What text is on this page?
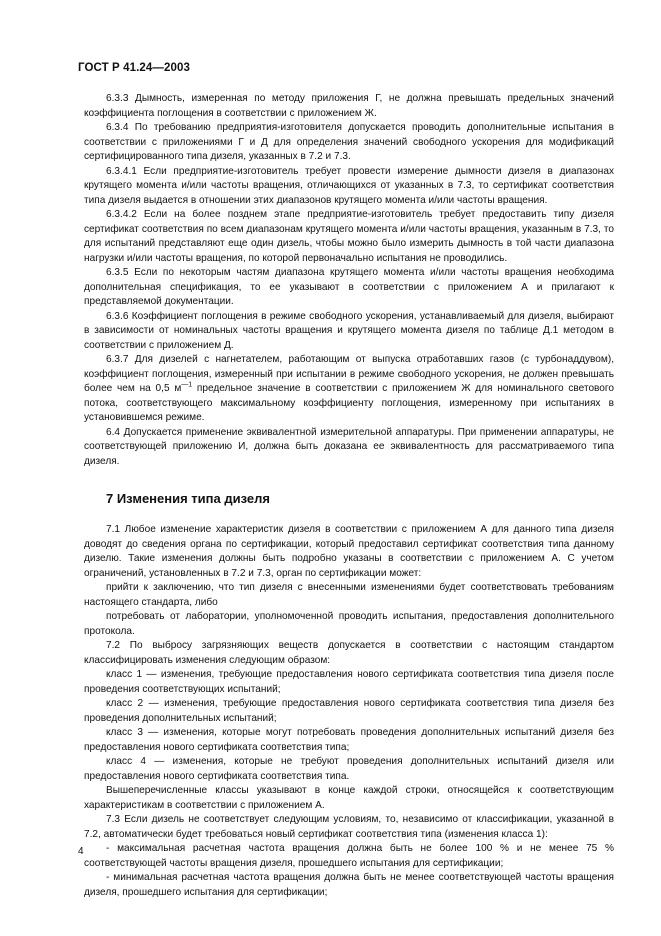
ГОСТ Р 41.24—2003

6.3.3 Дымность, измеренная по методу приложения Г, не должна превышать предельных значений коэффициента поглощения в соответствии с приложением Ж.

6.3.4 По требованию предприятия-изготовителя допускается проводить дополнительные испытания в соответствии с приложениями Г и Д для определения значений свободного ускорения для модификаций сертифицированного типа дизеля, указанных в 7.2 и 7.3.

6.3.4.1 Если предприятие-изготовитель требует провести измерение дымности дизеля в диапазонах крутящего момента и/или частоты вращения, отличающихся от указанных в 7.3, то сертификат соответствия типа дизеля выдается в отношении этих диапазонов крутящего момента и/или частоты вращения.

6.3.4.2 Если на более позднем этапе предприятие-изготовитель требует предоставить типу дизеля сертификат соответствия по всем диапазонам крутящего момента и/или частоты вращения, указанным в 7.3, то для испытаний представляют еще один дизель, чтобы можно было измерить дымность в той части диапазона нагрузки и/или частоты вращения, по которой первоначально испытания не проводились.

6.3.5 Если по некоторым частям диапазона крутящего момента и/или частоты вращения необходима дополнительная спецификация, то ее указывают в соответствии с приложением А и прилагают к представляемой документации.

6.3.6 Коэффициент поглощения в режиме свободного ускорения, устанавливаемый для дизеля, выбирают в зависимости от номинальных частоты вращения и крутящего момента дизеля по таблице Д.1 методом в соответствии с приложением Д.

6.3.7 Для дизелей с нагнетателем, работающим от выпуска отработавших газов (с турбонаддувом), коэффициент поглощения, измеренный при испытании в режиме свободного ускорения, не должен превышать более чем на 0,5 $м^{—1}$ предельное значение в соответствии с приложением Ж для номинального светового потока, соответствующего максимальному коэффициенту поглощения, измеренному при испытаниях в установившемся режиме.

6.4 Допускается применение эквивалентной измерительной аппаратуры. При применении аппаратуры, не соответствующей приложению И, должна быть доказана ее эквивалентность для рассматриваемого типа дизеля.

7 Изменения типа дизеля

7.1 Любое изменение характеристик дизеля в соответствии с приложением А для данного типа дизеля доводят до сведения органа по сертификации, который предоставил сертификат соответствия типа данному дизелю. Такие изменения должны быть подробно указаны в соответствии с приложением А. С учетом ограничений, установленных в 7.2 и 7.3, орган по сертификации может:

прийти к заключению, что тип дизеля с внесенными изменениями будет соответствовать требованиям настоящего стандарта, либо

потребовать от лаборатории, уполномоченной проводить испытания, предоставления дополнительного протокола.

7.2 По выбросу загрязняющих веществ допускается в соответствии с настоящим стандартом классифицировать изменения следующим образом:

класс 1 — изменения, требующие предоставления нового сертификата соответствия типа дизеля после проведения соответствующих испытаний;

класс 2 — изменения, требующие предоставления нового сертификата соответствия типа дизеля без проведения дополнительных испытаний;

класс 3 — изменения, которые могут потребовать проведения дополнительных испытаний дизеля без предоставления нового сертификата соответствия типа;

класс 4 — изменения, которые не требуют проведения дополнительных испытаний дизеля или предоставления нового сертификата соответствия типа.

Вышеперечисленные классы указывают в конце каждой строки, относящейся к соответствующим характеристикам в соответствии с приложением А.

7.3 Если дизель не соответствует следующим условиям, то, независимо от классификации, указанной в 7.2, автоматически будет требоваться новый сертификат соответствия типа (изменения класса 1):

- максимальная расчетная частота вращения должна быть не более 100 % и не менее 75 % соответствующей частоты вращения дизеля, прошедшего испытания для сертификации;

- минимальная расчетная частота вращения должна быть не менее соответствующей частоты вращения дизеля, прошедшего испытания для сертификации;

4
